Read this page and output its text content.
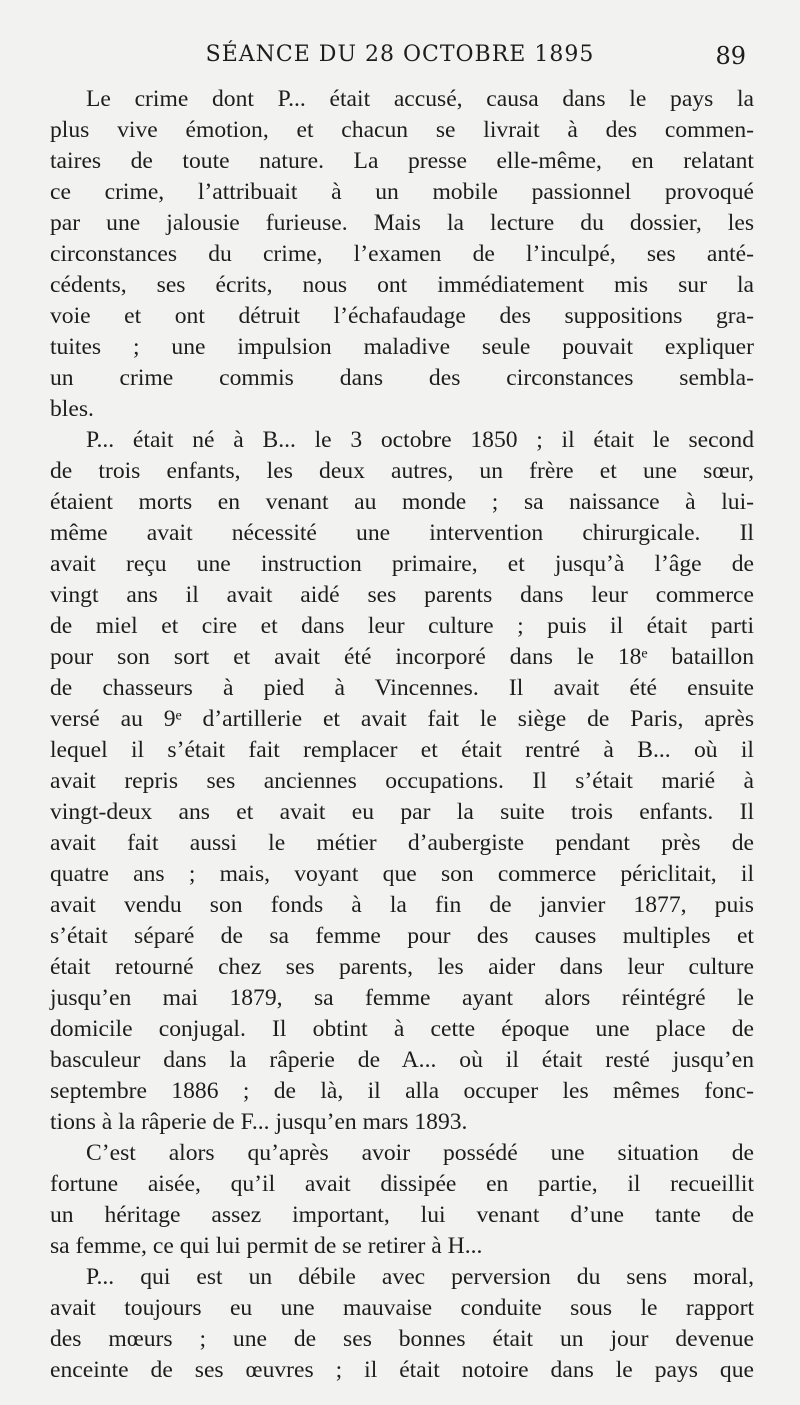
SÉANCE DU 28 OCTOBRE 1895	89
Le crime dont P... était accusé, causa dans le pays la
plus vive émotion, et chacun se livrait à des commen-
taires de toute nature. La presse elle-même, en relatant
ce crime, l’attribuait à un mobile passionnel provoqué
par une jalousie furieuse. Mais la lecture du dossier, les
circonstances du crime, l’examen de l’inculpé, ses anté-
cédents, ses écrits, nous ont immédiatement mis sur la
voie et ont détruit l’échafaudage des suppositions gra-
tuites ; une impulsion maladive seule pouvait expliquer
un crime commis dans des circonstances sembla-
bles.
P... était né à B... le 3 octobre 1850 ; il était le second
de trois enfants, les deux autres, un frère et une sœur,
étaient morts en venant au monde ; sa naissance à lui-
même avait nécessité une intervention chirurgicale. Il
avait reçu une instruction primaire, et jusqu’à l’âge de
vingt ans il avait aidé ses parents dans leur commerce
de miel et cire et dans leur culture ; puis il était parti
pour son sort et avait été incorporé dans le 18ᵉ bataillon
de chasseurs à pied à Vincennes. Il avait été ensuite
versé au 9ᵉ d’artillerie et avait fait le siège de Paris, après
lequel il s’était fait remplacer et était rentré à B... où il
avait repris ses anciennes occupations. Il s’était marié à
vingt-deux ans et avait eu par la suite trois enfants. Il
avait fait aussi le métier d’aubergiste pendant près de
quatre ans ; mais, voyant que son commerce périclitait, il
avait vendu son fonds à la fin de janvier 1877, puis
s’était séparé de sa femme pour des causes multiples et
était retourné chez ses parents, les aider dans leur culture
jusqu’en mai 1879, sa femme ayant alors réintégré le
domicile conjugal. Il obtint à cette époque une place de
basculeur dans la râperie de A... où il était resté jusqu’en
septembre 1886 ; de là, il alla occuper les mêmes fonc-
tions à la râperie de F... jusqu’en mars 1893.
C’est alors qu’après avoir possédé une situation de
fortune aisée, qu’il avait dissipée en partie, il recueillit
un héritage assez important, lui venant d’une tante de
sa femme, ce qui lui permit de se retirer à H...
P... qui est un débile avec perversion du sens moral,
avait toujours eu une mauvaise conduite sous le rapport
des mœurs ; une de ses bonnes était un jour devenue
enceinte de ses œuvres ; il était notoire dans le pays que
